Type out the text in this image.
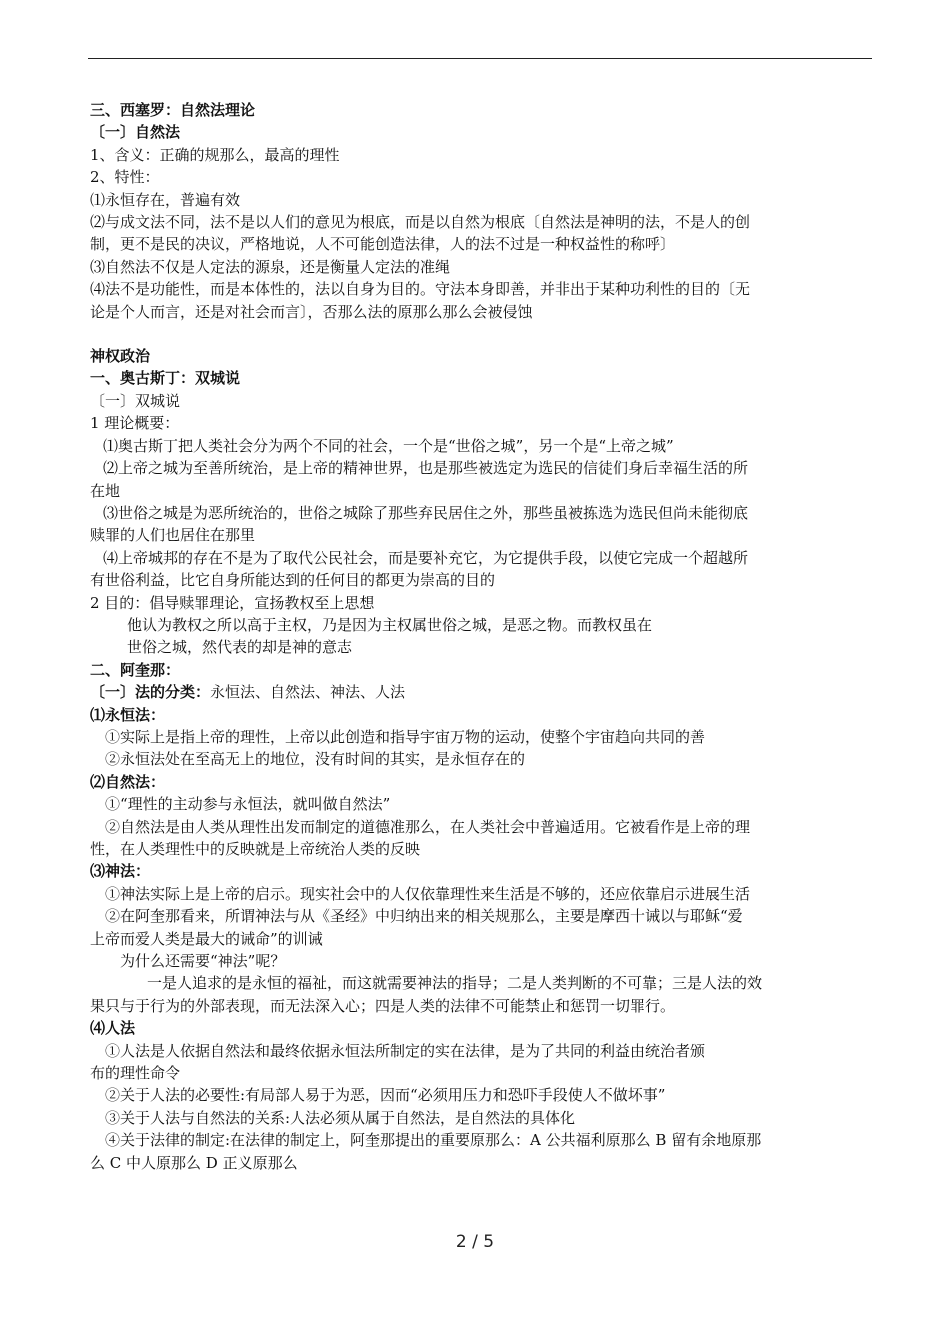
三、西塞罗：自然法理论
〔一〕自然法
1、含义：正确的规那么，最高的理性
2、特性：
⑴永恒存在，普遍有效
⑵与成文法不同，法不是以人们的意见为根底，而是以自然为根底〔自然法是神明的法，不是人的创
制，更不是民的决议，严格地说，人不可能创造法律，人的法不过是一种权益性的称呼〕
⑶自然法不仅是人定法的源泉，还是衡量人定法的准绳
⑷法不是功能性，而是本体性的，法以自身为目的。守法本身即善，并非出于某种功利性的目的〔无
论是个人而言，还是对社会而言〕，否那么法的原那么那么会被侵蚀
神权政治
一、奥古斯丁：双城说
〔一〕双城说
1 理论概要：
⑴奥古斯丁把人类社会分为两个不同的社会，一个是“世俗之城”，另一个是“上帝之城”
⑵上帝之城为至善所统治，是上帝的精神世界，也是那些被选定为选民的信徒们身后幸福生活的所
在地
⑶世俗之城是为恶所统治的，世俗之城除了那些弃民居住之外，那些虽被拣选为选民但尚未能彻底
赎罪的人们也居住在那里
⑷上帝城邦的存在不是为了取代公民社会，而是要补充它，为它提供手段，以使它完成一个超越所
有世俗利益，比它自身所能达到的任何目的都更为崇高的目的
2 目的：倡导赎罪理论，宣扬教权至上思想
他认为教权之所以高于主权，乃是因为主权属世俗之城，是恶之物。而教权虽在
世俗之城，然代表的却是神的意志
二、阿奎那：
〔一〕法的分类：永恒法、自然法、神法、人法
⑴永恒法：
①实际上是指上帝的理性，上帝以此创造和指导宇宙万物的运动，使整个宇宙趋向共同的善
②永恒法处在至高无上的地位，没有时间的其实，是永恒存在的
⑵自然法：
①“理性的主动参与永恒法，就叫做自然法”
②自然法是由人类从理性出发而制定的道德准那么，在人类社会中普遍适用。它被看作是上帝的理
性，在人类理性中的反映就是上帝统治人类的反映
⑶神法：
①神法实际上是上帝的启示。现实社会中的人仅依靠理性来生活是不够的，还应依靠启示进展生活
②在阿奎那看来，所谓神法与从《圣经》中归纳出来的相关规那么，主要是摩西十诫以与耶稣“爱
上帝而爱人类是最大的诫命”的训诫
为什么还需要“神法”呢？
一是人追求的是永恒的福祉，而这就需要神法的指导；二是人类判断的不可靠；三是人法的效
果只与于行为的外部表现，而无法深入心；四是人类的法律不可能禁止和惩罚一切罪行。
⑷人法
①人法是人依据自然法和最终依据永恒法所制定的实在法律，是为了共同的利益由统治者颁
布的理性命令
②关于人法的必要性:有局部人易于为恶，因而“必须用压力和恐吓手段使人不做坏事”
③关于人法与自然法的关系:人法必须从属于自然法，是自然法的具体化
④关于法律的制定:在法律的制定上，阿奎那提出的重要原那么：A 公共福利原那么 B 留有余地原那
么 C 中人原那么 D 正义原那么
2 / 5
